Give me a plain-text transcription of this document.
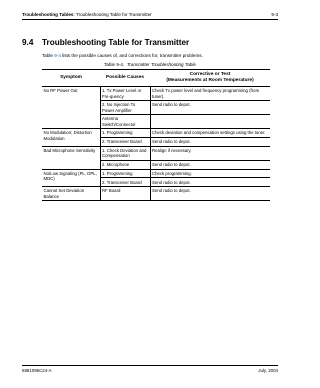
Troubleshooting Tables: Troubleshooting Table for Transmitter	9-3
9.4 Troubleshooting Table for Transmitter
Table 9-4 lists the possible causes of, and corrections for, transmitter problems.
Table 9-4. Transmitter Troubleshooting Table
Symptom	Possible Causes	Corrective or Test
(Measurements at Room Temperature)

No RF Power Out	1. Tx Power Level or Fre-quency	Check Tx power level and frequency programming (from tuner).
	2. No Injection To Power Amplifier	Send radio to depot.
	Antenna Switch/Connector	
No Modulation; Distortion Modulation	1. Programming	Check deviation and compensation settings using the tuner.
	2. Transceiver Board	Send radio to depot.
Bad Microphone Sensitivity	1. Check Deviation and Compensation	Realign if necessary.
	2. Microphone	Send radio to depot.
No/Low Signaling (PL, DPL, MDC)	1. Programming	Check programming.
	2. Transceiver Board	Send radio to depot.
Cannot Set Deviation Balance	RF Board	Send radio to depot.
6881096C24-A	July, 2004
